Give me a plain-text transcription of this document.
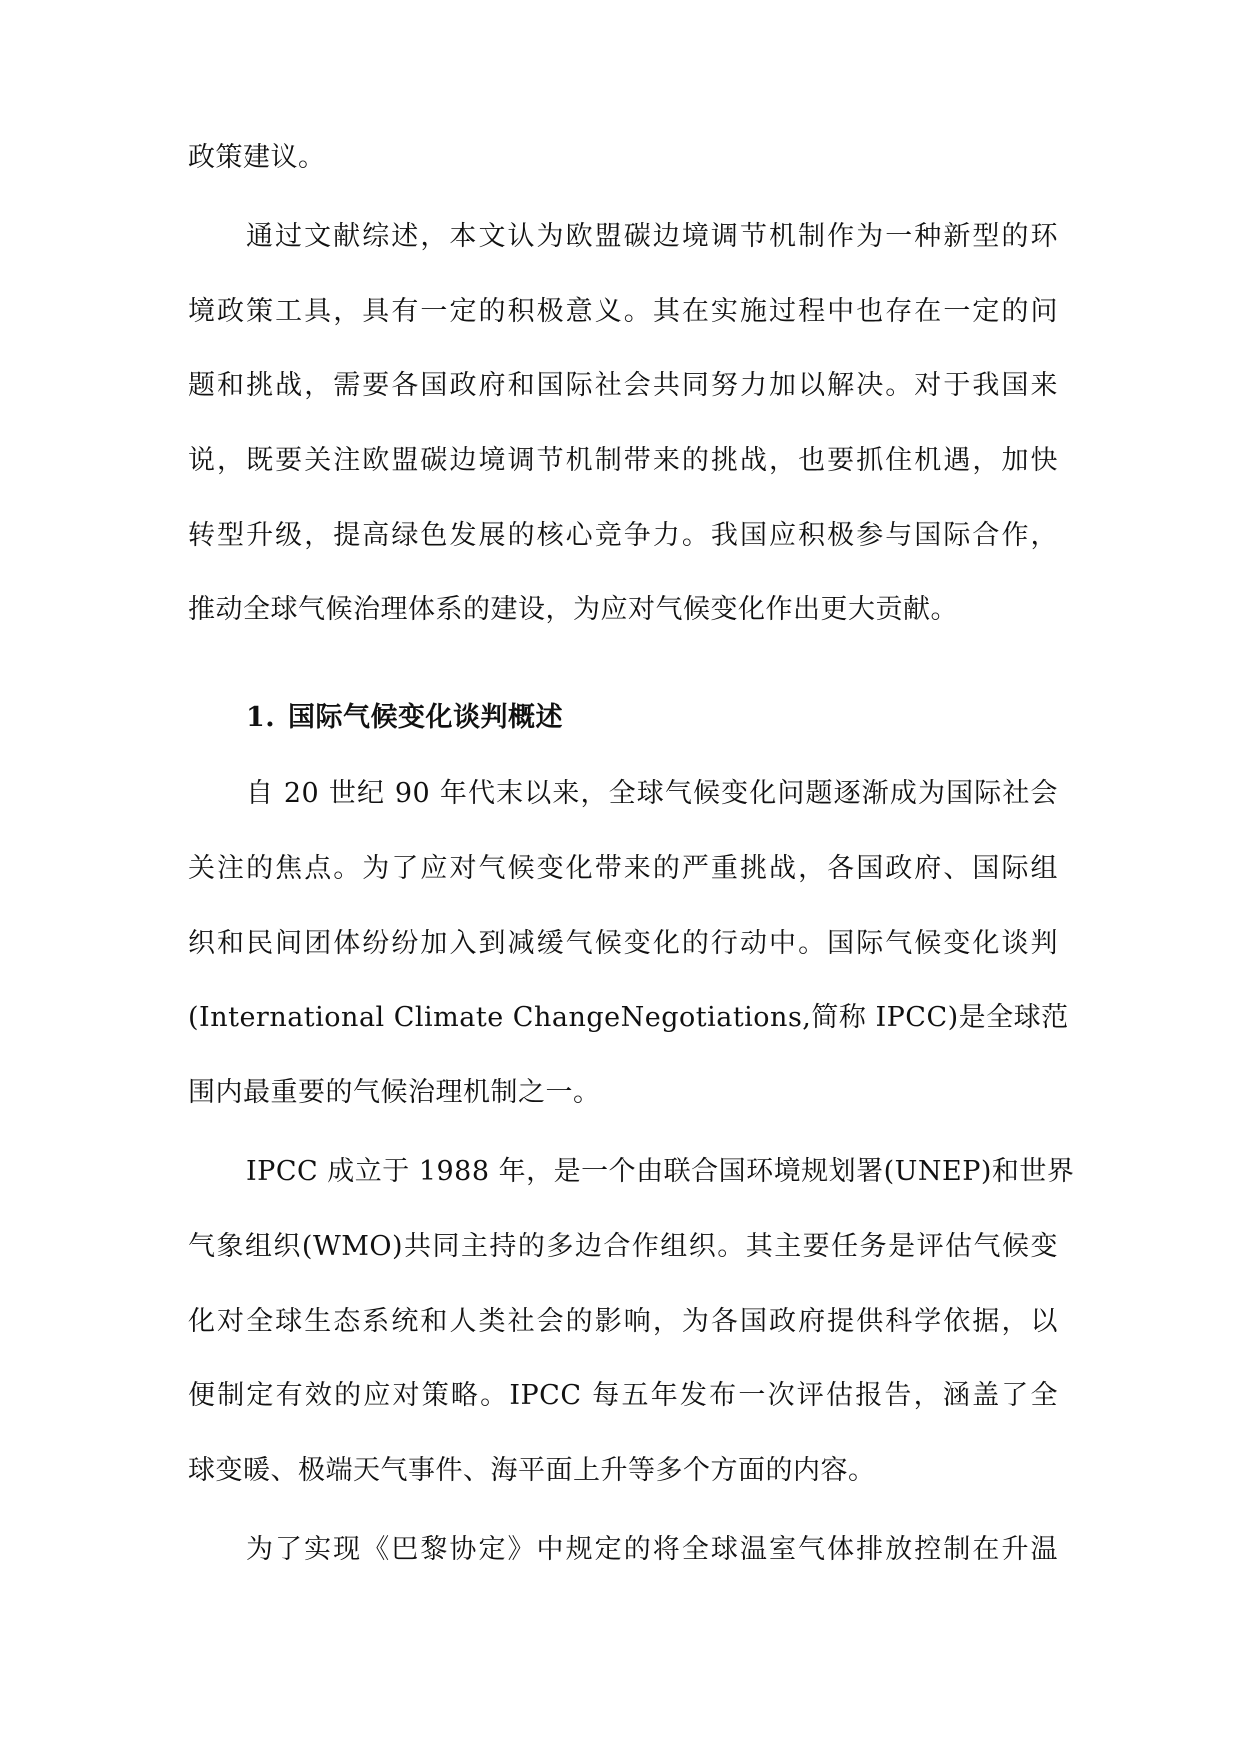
政策建议。
通过文献综述，本文认为欧盟碳边境调节机制作为一种新型的环
境政策工具，具有一定的积极意义。其在实施过程中也存在一定的问
题和挑战，需要各国政府和国际社会共同努力加以解决。对于我国来
说，既要关注欧盟碳边境调节机制带来的挑战，也要抓住机遇，加快
转型升级，提高绿色发展的核心竞争力。我国应积极参与国际合作，
推动全球气候治理体系的建设，为应对气候变化作出更大贡献。
1. 国际气候变化谈判概述
自 20 世纪 90 年代末以来，全球气候变化问题逐渐成为国际社会
关注的焦点。为了应对气候变化带来的严重挑战，各国政府、国际组
织和民间团体纷纷加入到减缓气候变化的行动中。国际气候变化谈判
(International Climate ChangeNegotiations,简称 IPCC)是全球范
围内最重要的气候治理机制之一。
IPCC 成立于 1988 年，是一个由联合国环境规划署(UNEP)和世界
气象组织(WMO)共同主持的多边合作组织。其主要任务是评估气候变
化对全球生态系统和人类社会的影响，为各国政府提供科学依据，以
便制定有效的应对策略。IPCC 每五年发布一次评估报告，涵盖了全
球变暖、极端天气事件、海平面上升等多个方面的内容。
为了实现《巴黎协定》中规定的将全球温室气体排放控制在升温
